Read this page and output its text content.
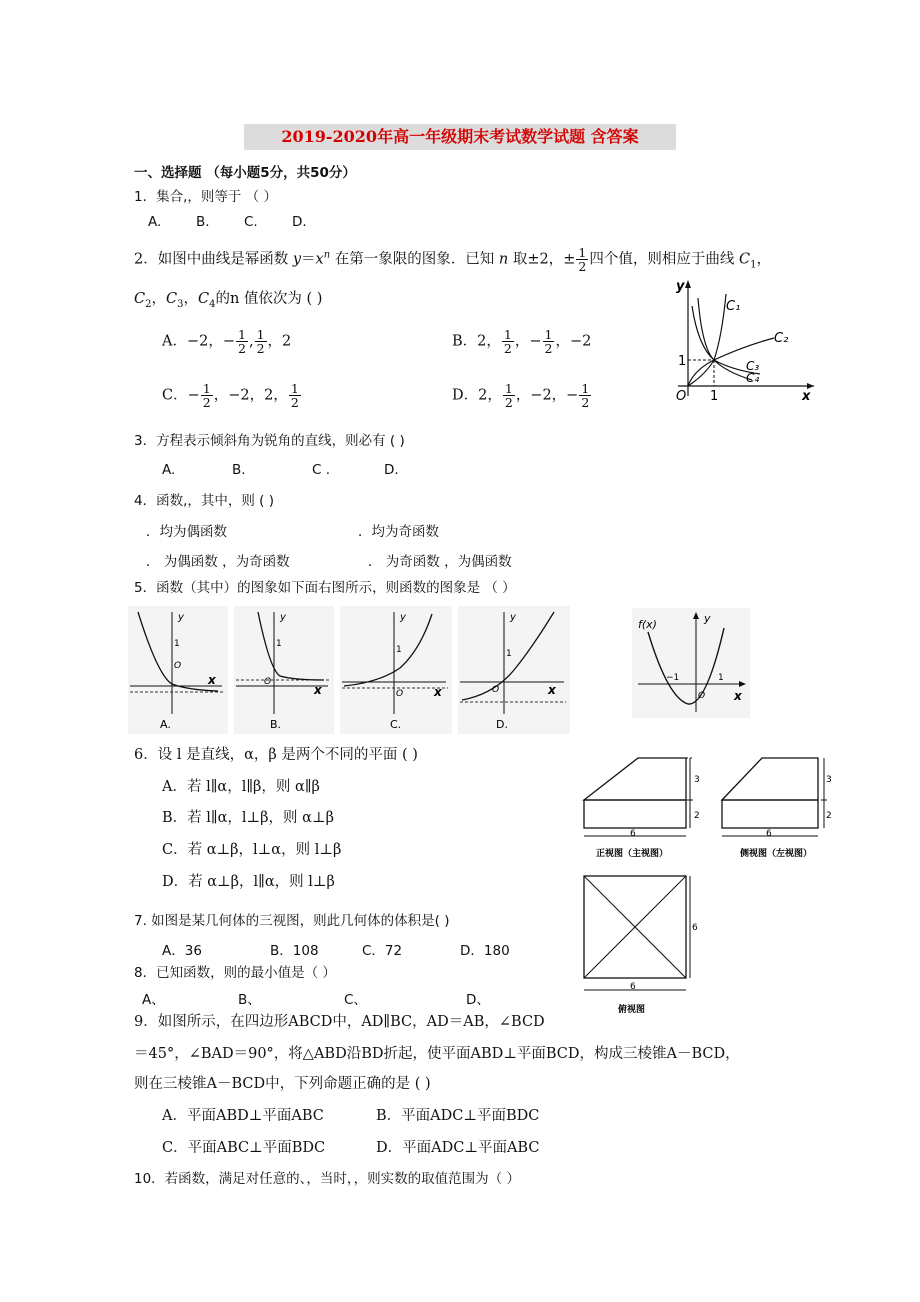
2019-2020年高一年级期末考试数学试题 含答案
一、选择题 （每小题5分，共50分）
1．集合,，则等于 （ ）
A.	B.	C.	D.
2．如图中曲线是幂函数 $y=x^n$ 在第一象限的图象．已知 n 取±2，± $\frac{1}{2}$ 四个值，则相应于曲线 $C_1$，
$C_2$，$C_3$，$C_4$的n 值依次为 ( )
A．−2，− $\frac{1}{2}$ , $\frac{1}{2}$ ，2	B．2， $\frac{1}{2}$ ，− $\frac{1}{2}$ ，−2
C．− $\frac{1}{2}$ ，−2，2， $\frac{1}{2}$	D．2， $\frac{1}{2}$ ，−2，− $\frac{1}{2}$
C₁
C₂
C₃
C₄
y
x
O 1
1
3．方程表示倾斜角为锐角的直线，则必有 ( )
A.	B.	C .	D.
4．函数,，其中，则 ( )
．均为偶函数	．均为奇函数
． 为偶函数 ，为奇函数	． 为奇函数 ，为偶函数
5．函数（其中）的图象如下面右图所示，则函数的图象是 （ ）
y
1
O
x
A.
y
1
O
x
B.
y
1
O	x
C.
y
1
O	x
D.
f(x)	y
−1
O
1
x
6．设 l 是直线，α，β 是两个不同的平面 ( )
A．若 l∥α，l∥β，则 α∥β
B．若 l∥α，l⊥β，则 α⊥β
C．若 α⊥β，l⊥α，则 l⊥β
D．若 α⊥β，l∥α，则 l⊥β
3
2
6
正视图（主视图）
3
2
6
侧视图（左视图）
6
6
俯视图
7. 如图是某几何体的三视图，则此几何体的体积是( )
A．36	B．108	C．72	D．180
8．已知函数，则的最小值是（ ）
A、	B、	C、	D、
9．如图所示，在四边形ABCD中，AD∥BC，AD＝AB，∠BCD
＝45°，∠BAD＝90°，将△ABD沿BD折起，使平面ABD⊥平面BCD，构成三棱锥A－BCD，
则在三棱锥A－BCD中，下列命题正确的是 ( )
A．平面ABD⊥平面ABC	B．平面ADC⊥平面BDC
C．平面ABC⊥平面BDC	D．平面ADC⊥平面ABC
10．若函数，满足对任意的、，当时，，则实数的取值范围为（ ）
